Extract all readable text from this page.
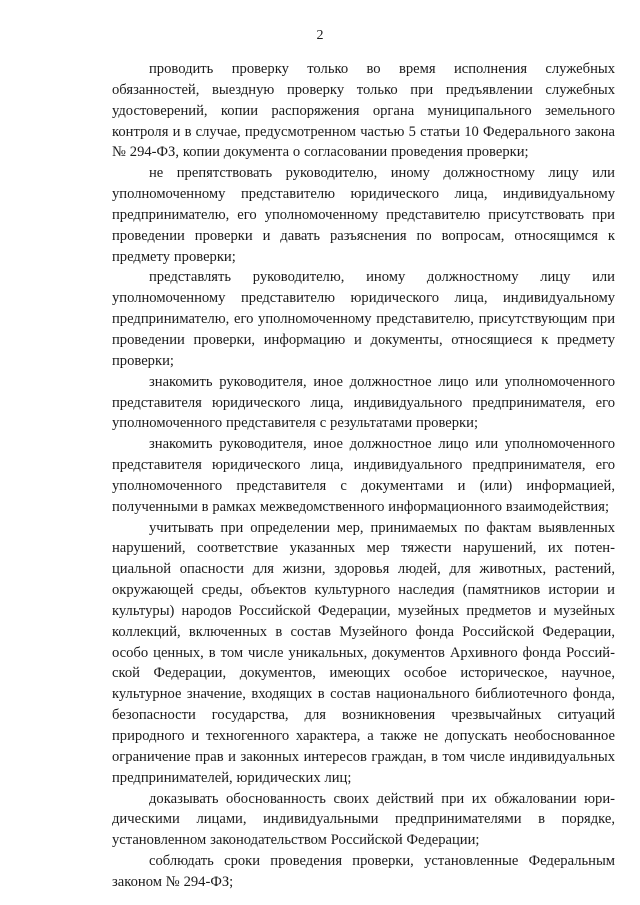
2

проводить проверку только во время исполнения служебных обязанностей, выездную проверку только при предъявлении служебных удостоверений, копии распоряжения органа муниципального земельного контроля и в случае, предусмотренном частью 5 статьи 10 Федерального закона № 294-ФЗ, копии документа о согласовании проведения проверки;

не препятствовать руководителю, иному должностному лицу или уполномоченному представителю юридического лица, индивидуальному предпринимателю, его уполномоченному представителю присутствовать при проведении проверки и давать разъяснения по вопросам, относящимся к предмету проверки;

представлять руководителю, иному должностному лицу или уполномоченному представителю юридического лица, индивидуальному предпринимателю, его уполномоченному представителю, присутствующим при проведении проверки, информацию и документы, относящиеся к предмету проверки;

знакомить руководителя, иное должностное лицо или уполномоченного представителя юридического лица, индивидуального предпринимателя, его уполномоченного представителя с результатами проверки;

знакомить руководителя, иное должностное лицо или уполномоченного представителя юридического лица, индивидуального предпринимателя, его уполномоченного представителя с документами и (или) информацией, полученными в рамках межведомственного информационного взаимодействия;

учитывать при определении мер, принимаемых по фактам выявленных нарушений, соответствие указанных мер тяжести нарушений, их потенциальной опасности для жизни, здоровья людей, для животных, растений, окружающей среды, объектов культурного наследия (памятников истории и культуры) народов Российской Федерации, музейных предметов и музейных коллекций, включенных в состав Музейного фонда Российской Федерации, особо ценных, в том числе уникальных, документов Архивного фонда Российской Федерации, документов, имеющих особое историческое, научное, культурное значение, входящих в состав национального библиотечного фонда, безопасности государства, для возникновения чрезвычайных ситуаций природного и техногенного характера, а также не допускать необоснованное ограничение прав и законных интересов граждан, в том числе индивидуальных предпринимателей, юридических лиц;

доказывать обоснованность своих действий при их обжаловании юридическими лицами, индивидуальными предпринимателями в порядке, установленном законодательством Российской Федерации;

соблюдать сроки проведения проверки, установленные Федеральным законом № 294-ФЗ;
